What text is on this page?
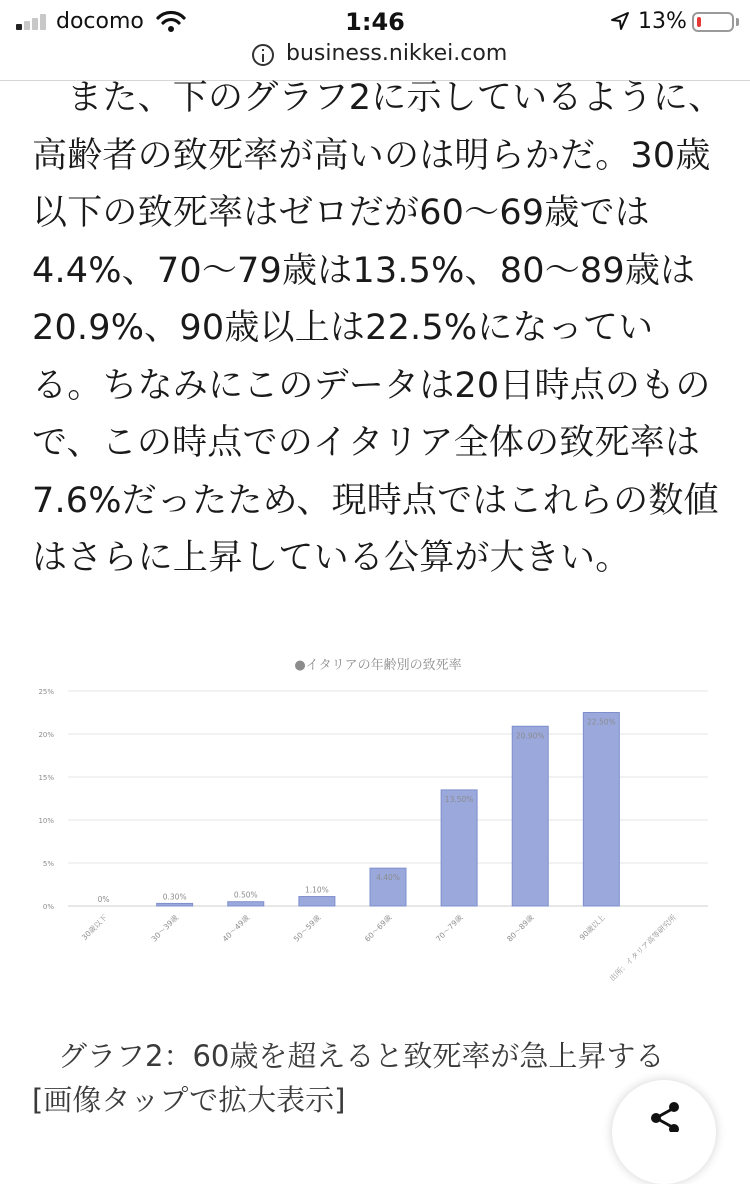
docomo	1:46	13%
business.nikkei.com

　また、下のグラフ2に示しているように、
高齢者の致死率が高いのは明らかだ。30歳
以下の致死率はゼロだが60〜69歳では
4.4%、70〜79歳は13.5%、80〜89歳は
20.9%、90歳以上は22.5%になってい
る。ちなみにこのデータは20日時点のもの
で、この時点でのイタリア全体の致死率は
7.6%だったため、現時点ではこれらの数値
はさらに上昇している公算が大きい。

●イタリアの年齢別の致死率
0%
5%
10%
15%
20%
25%
0%
30歳以下
0.30%
30〜39歳
0.50%
40〜49歳
1.10%
50〜59歳
4.40%
60〜69歳
13.50%
70〜79歳
20.90%
80〜89歳
22.50%
90歳以上 出所：イタリア高等研究所
グラフ2：60歳を超えると致死率が急上昇する
[画像タップで拡大表示]
